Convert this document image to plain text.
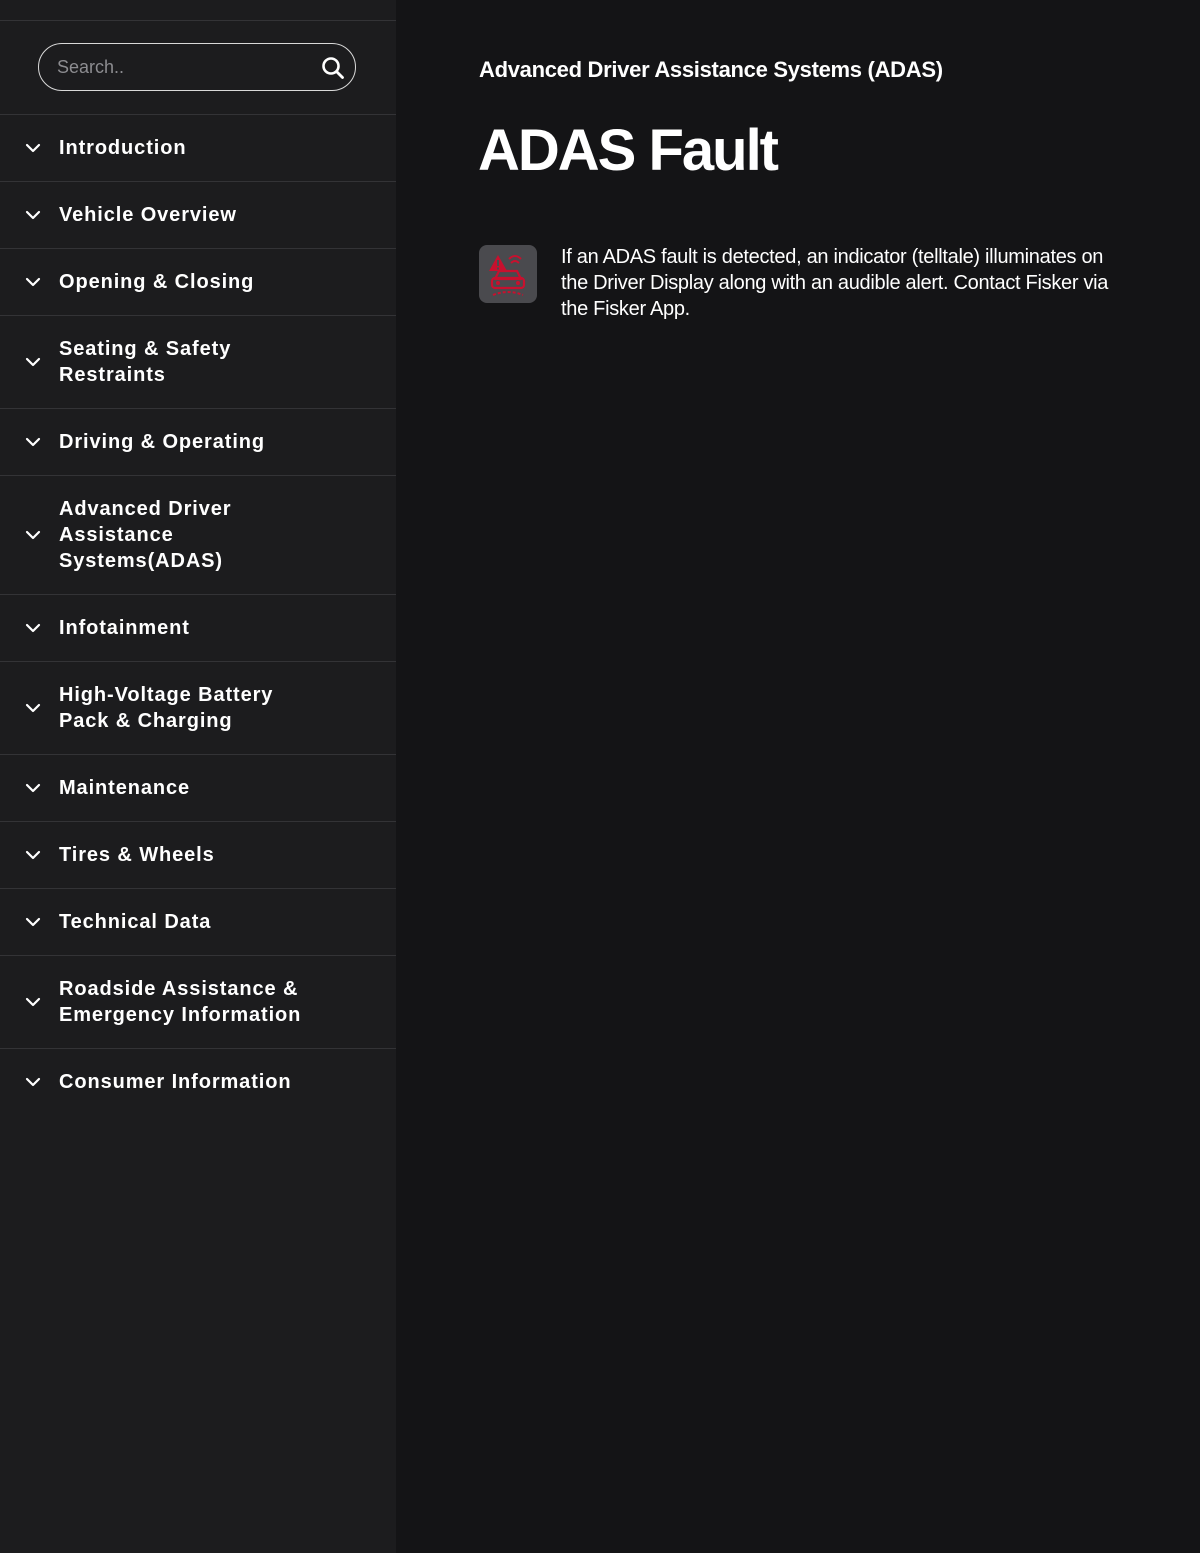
Search..
Introduction
Vehicle Overview
Opening & Closing
Seating & Safety
Restraints
Driving & Operating
Advanced Driver
Assistance
Systems(ADAS)
Infotainment
High-Voltage Battery
Pack & Charging
Maintenance
Tires & Wheels
Technical Data
Roadside Assistance &
Emergency Information
Consumer Information
Advanced Driver Assistance Systems (ADAS)
ADAS Fault

If an ADAS fault is detected, an indicator (telltale) illuminates on the Driver Display along with an audible alert. Contact Fisker via the Fisker App.
